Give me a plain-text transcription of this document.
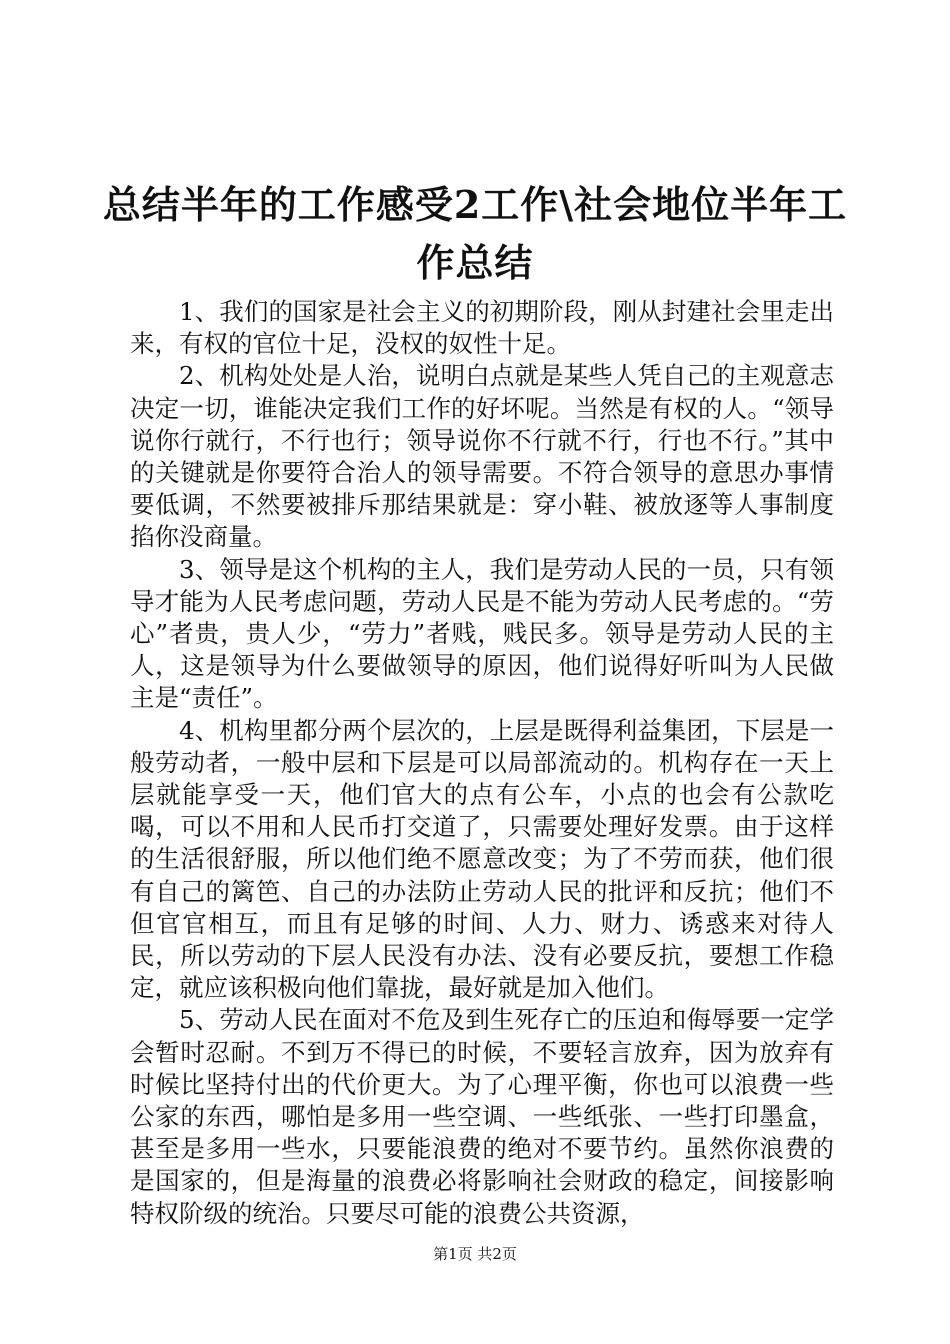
总结半年的工作感受2工作\社会地位半年工
作总结

1、我们的国家是社会主义的初期阶段，刚从封建社会里走出来，有权的官位十足，没权的奴性十足。

2、机构处处是人治，说明白点就是某些人凭自己的主观意志决定一切，谁能决定我们工作的好坏呢。当然是有权的人。“领导说你行就行，不行也行；领导说你不行就不行，行也不行。”其中的关键就是你要符合治人的领导需要。不符合领导的意思办事情要低调，不然要被排斥那结果就是：穿小鞋、被放逐等人事制度掐你没商量。

3、领导是这个机构的主人，我们是劳动人民的一员，只有领导才能为人民考虑问题，劳动人民是不能为劳动人民考虑的。“劳心”者贵，贵人少，“劳力”者贱，贱民多。领导是劳动人民的主人，这是领导为什么要做领导的原因，他们说得好听叫为人民做主是“责任”。

4、机构里都分两个层次的，上层是既得利益集团，下层是一般劳动者，一般中层和下层是可以局部流动的。机构存在一天上层就能享受一天，他们官大的点有公车，小点的也会有公款吃喝，可以不用和人民币打交道了，只需要处理好发票。由于这样的生活很舒服，所以他们绝不愿意改变；为了不劳而获，他们很有自己的篱笆、自己的办法防止劳动人民的批评和反抗；他们不但官官相互，而且有足够的时间、人力、财力、诱惑来对待人民，所以劳动的下层人民没有办法、没有必要反抗，要想工作稳定，就应该积极向他们靠拢，最好就是加入他们。

5、劳动人民在面对不危及到生死存亡的压迫和侮辱要一定学会暂时忍耐。不到万不得已的时候，不要轻言放弃，因为放弃有时候比坚持付出的代价更大。为了心理平衡，你也可以浪费一些公家的东西，哪怕是多用一些空调、一些纸张、一些打印墨盒，甚至是多用一些水，只要能浪费的绝对不要节约。虽然你浪费的是国家的，但是海量的浪费必将影响社会财政的稳定，间接影响特权阶级的统治。只要尽可能的浪费公共资源，

第1页 共2页
